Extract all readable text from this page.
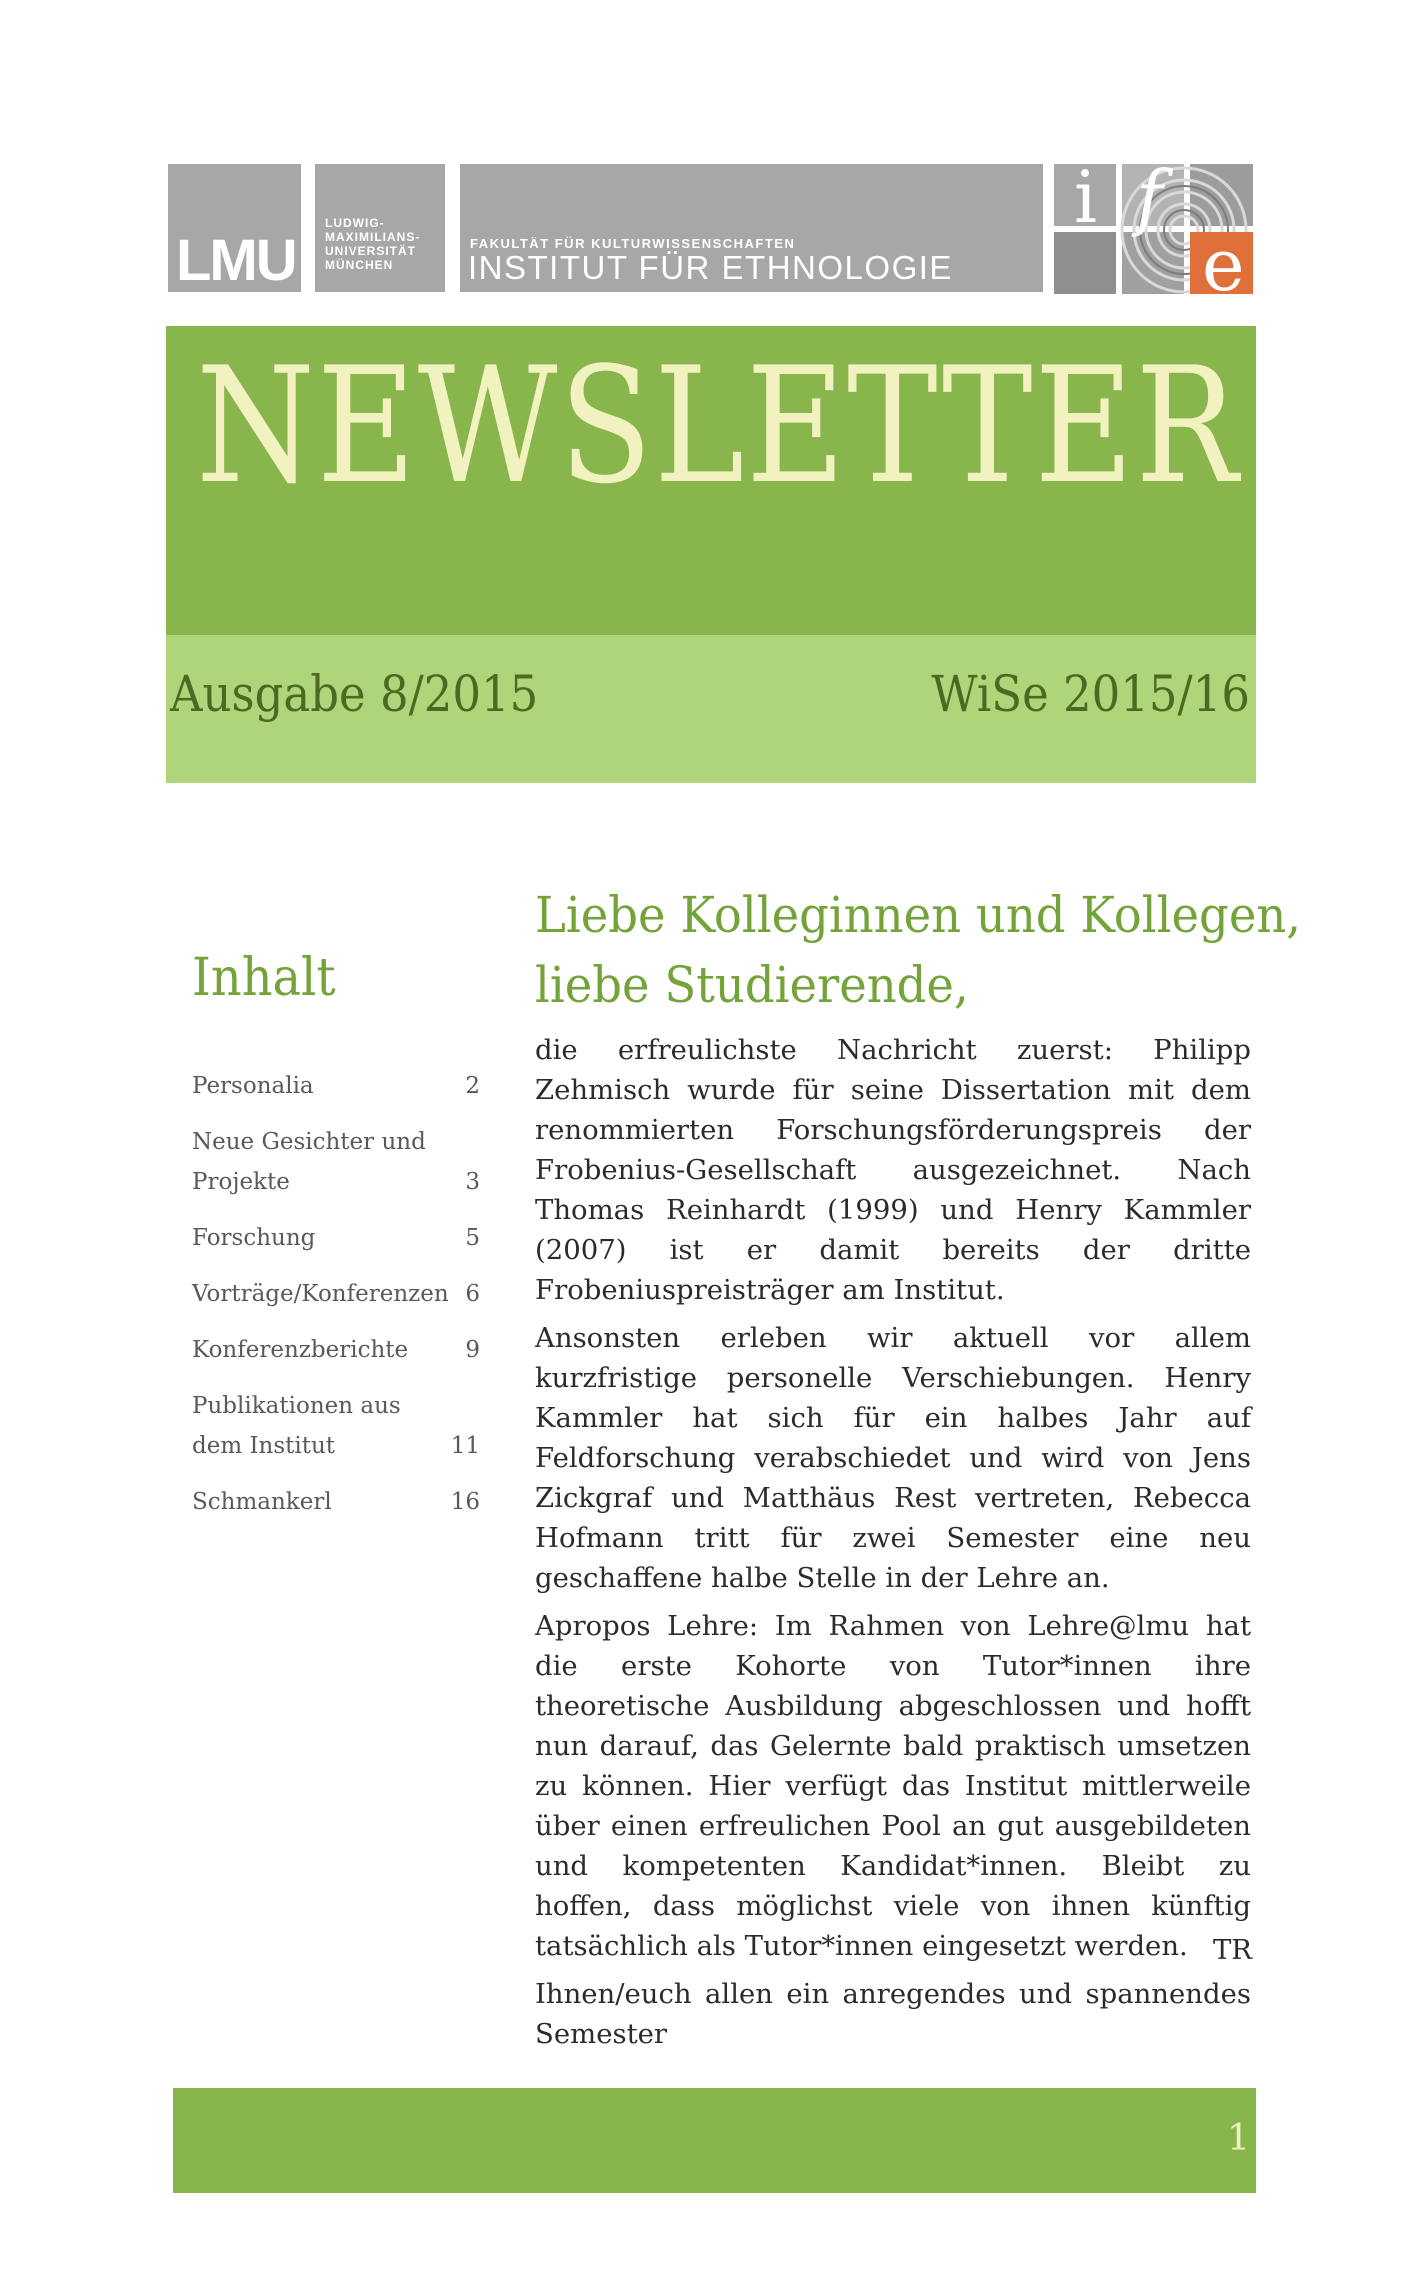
LMU
LUDWIG-
MAXIMILIANS-
UNIVERSITÄT
MÜNCHEN
FAKULTÄT FÜR KULTURWISSENSCHAFTEN
INSTITUT FÜR ETHNOLOGIE
i f
e
NEWSLETTER
Ausgabe 8/2015	WiSe 2015/16
Inhalt
Personalia	2
Neue Gesichter und Projekte	3
Forschung	5
Vorträge/Konferenzen 6
Konferenzberichte	9
Publikationen aus dem Institut	11
Schmankerl	16
Liebe Kolleginnen und Kollegen,
liebe Studierende,

die erfreulichste Nachricht zuerst: Philipp Zehmisch wurde für seine Dissertation mit dem renommierten Forschungsförderungspreis der Frobenius-Gesellschaft ausgezeichnet. Nach Thomas Reinhardt (1999) und Henry Kammler (2007) ist er damit bereits der dritte Frobeniuspreisträger am Institut.

Ansonsten erleben wir aktuell vor allem kurzfristige personelle Verschiebungen. Henry Kammler hat sich für ein halbes Jahr auf Feldforschung verabschiedet und wird von Jens Zickgraf und Matthäus Rest vertreten, Rebecca Hofmann tritt für zwei Semester eine neu geschaffene halbe Stelle in der Lehre an.

Apropos Lehre: Im Rahmen von Lehre@lmu hat die erste Kohorte von Tutor*innen ihre theoretische Ausbildung abgeschlossen und hofft nun darauf, das Gelernte bald praktisch umsetzen zu können. Hier verfügt das Institut mittlerweile über einen erfreulichen Pool an gut ausgebildeten und kompetenten Kandidat*innen. Bleibt zu hoffen, dass möglichst viele von ihnen künftig tatsächlich als Tutor*innen eingesetzt werden.

Ihnen/euch allen ein anregendes und spannendes Semester

TR
1
